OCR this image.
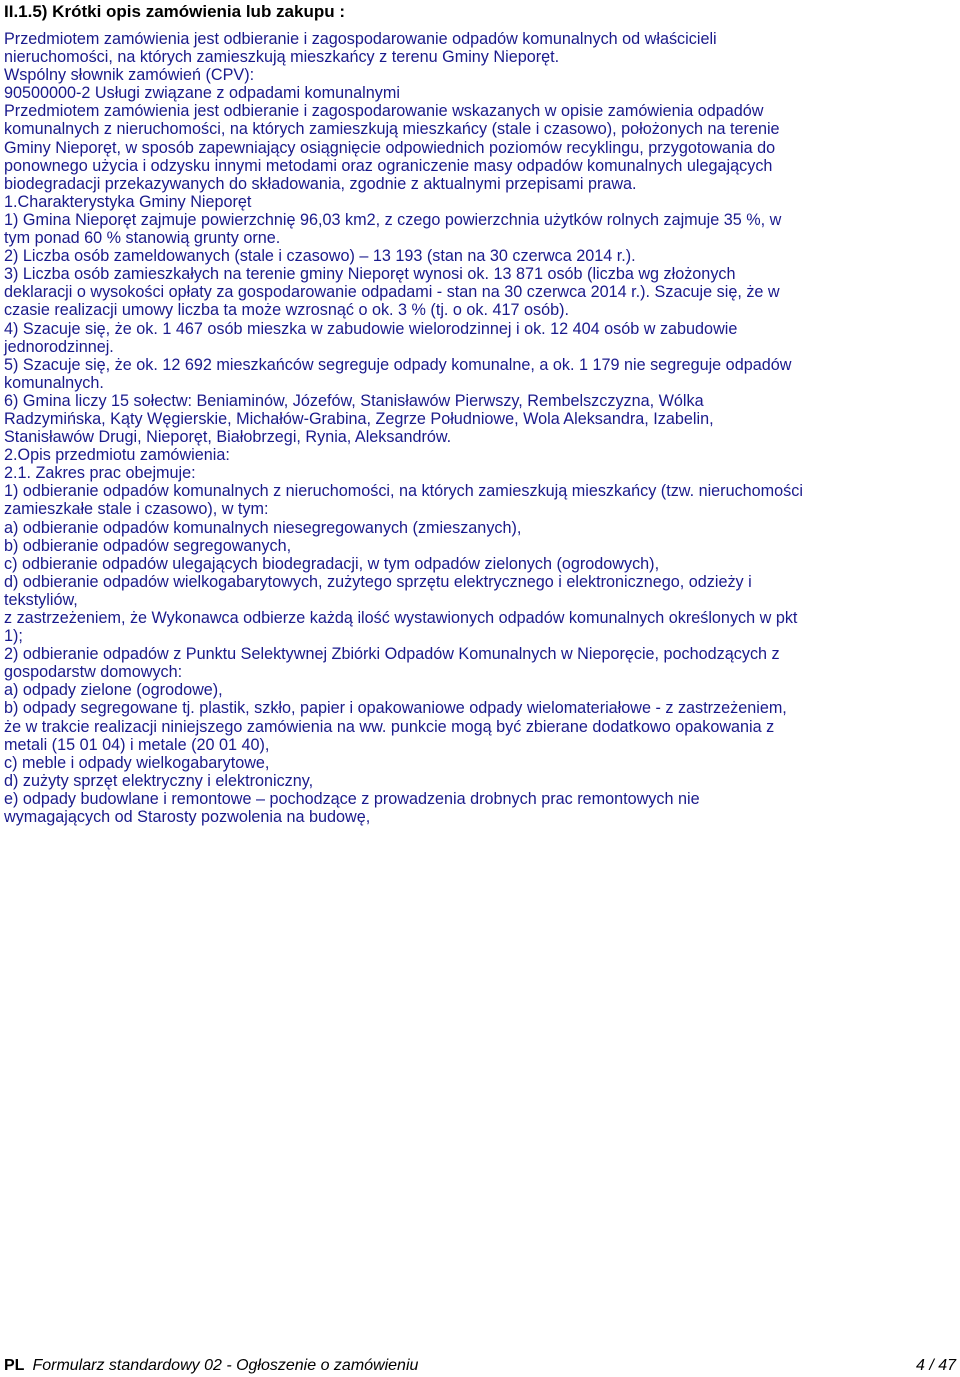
II.1.5) Krótki opis zamówienia lub zakupu :

Przedmiotem zamówienia jest odbieranie i zagospodarowanie odpadów komunalnych od właścicieli

nieruchomości, na których zamieszkują mieszkańcy z terenu Gminy Nieporęt.

Wspólny słownik zamówień (CPV):

90500000-2 Usługi związane z odpadami komunalnymi

Przedmiotem zamówienia jest odbieranie i zagospodarowanie wskazanych w opisie zamówienia odpadów

komunalnych z nieruchomości, na których zamieszkują mieszkańcy (stale i czasowo), położonych na terenie

Gminy Nieporęt, w sposób zapewniający osiągnięcie odpowiednich poziomów recyklingu, przygotowania do

ponownego użycia i odzysku innymi metodami oraz ograniczenie masy odpadów komunalnych ulegających

biodegradacji przekazywanych do składowania, zgodnie z aktualnymi przepisami prawa.

1.Charakterystyka Gminy Nieporęt

1) Gmina Nieporęt zajmuje powierzchnię 96,03 km2, z czego powierzchnia użytków rolnych zajmuje 35 %, w

tym ponad 60 % stanowią grunty orne.

2) Liczba osób zameldowanych (stale i czasowo) – 13 193 (stan na 30 czerwca 2014 r.).

3) Liczba osób zamieszkałych na terenie gminy Nieporęt wynosi ok. 13 871 osób (liczba wg złożonych

deklaracji o wysokości opłaty za gospodarowanie odpadami - stan na 30 czerwca 2014 r.). Szacuje się, że w

czasie realizacji umowy liczba ta może wzrosnąć o ok. 3 % (tj. o ok. 417 osób).

4) Szacuje się, że ok. 1 467 osób mieszka w zabudowie wielorodzinnej i ok. 12 404 osób w zabudowie

jednorodzinnej.

5) Szacuje się, że ok. 12 692 mieszkańców segreguje odpady komunalne, a ok. 1 179 nie segreguje odpadów

komunalnych.

6) Gmina liczy 15 sołectw: Beniaminów, Józefów, Stanisławów Pierwszy, Rembelszczyzna, Wólka

Radzymińska, Kąty Węgierskie, Michałów-Grabina, Zegrze Południowe, Wola Aleksandra, Izabelin,

Stanisławów Drugi, Nieporęt, Białobrzegi, Rynia, Aleksandrów.

2.Opis przedmiotu zamówienia:

2.1. Zakres prac obejmuje:

1) odbieranie odpadów komunalnych z nieruchomości, na których zamieszkują mieszkańcy (tzw. nieruchomości

zamieszkałe stale i czasowo), w tym:

a) odbieranie odpadów komunalnych niesegregowanych (zmieszanych),

b) odbieranie odpadów segregowanych,

c) odbieranie odpadów ulegających biodegradacji, w tym odpadów zielonych (ogrodowych),

d) odbieranie odpadów wielkogabarytowych, zużytego sprzętu elektrycznego i elektronicznego, odzieży i

tekstyliów,

z zastrzeżeniem, że Wykonawca odbierze każdą ilość wystawionych odpadów komunalnych określonych w pkt

1);

2) odbieranie odpadów z Punktu Selektywnej Zbiórki Odpadów Komunalnych w Nieporęcie, pochodzących z

gospodarstw domowych:

a) odpady zielone (ogrodowe),

b) odpady segregowane tj. plastik, szkło, papier i opakowaniowe odpady wielomateriałowe - z zastrzeżeniem,

że w trakcie realizacji niniejszego zamówienia na ww. punkcie mogą być zbierane dodatkowo opakowania z

metali (15 01 04) i metale (20 01 40),

c) meble i odpady wielkogabarytowe,

d) zużyty sprzęt elektryczny i elektroniczny,

e) odpady budowlane i remontowe – pochodzące z prowadzenia drobnych prac remontowych nie

wymagających od Starosty pozwolenia na budowę,

PL Formularz standardowy 02 - Ogłoszenie o zamówieniu	4 / 47
